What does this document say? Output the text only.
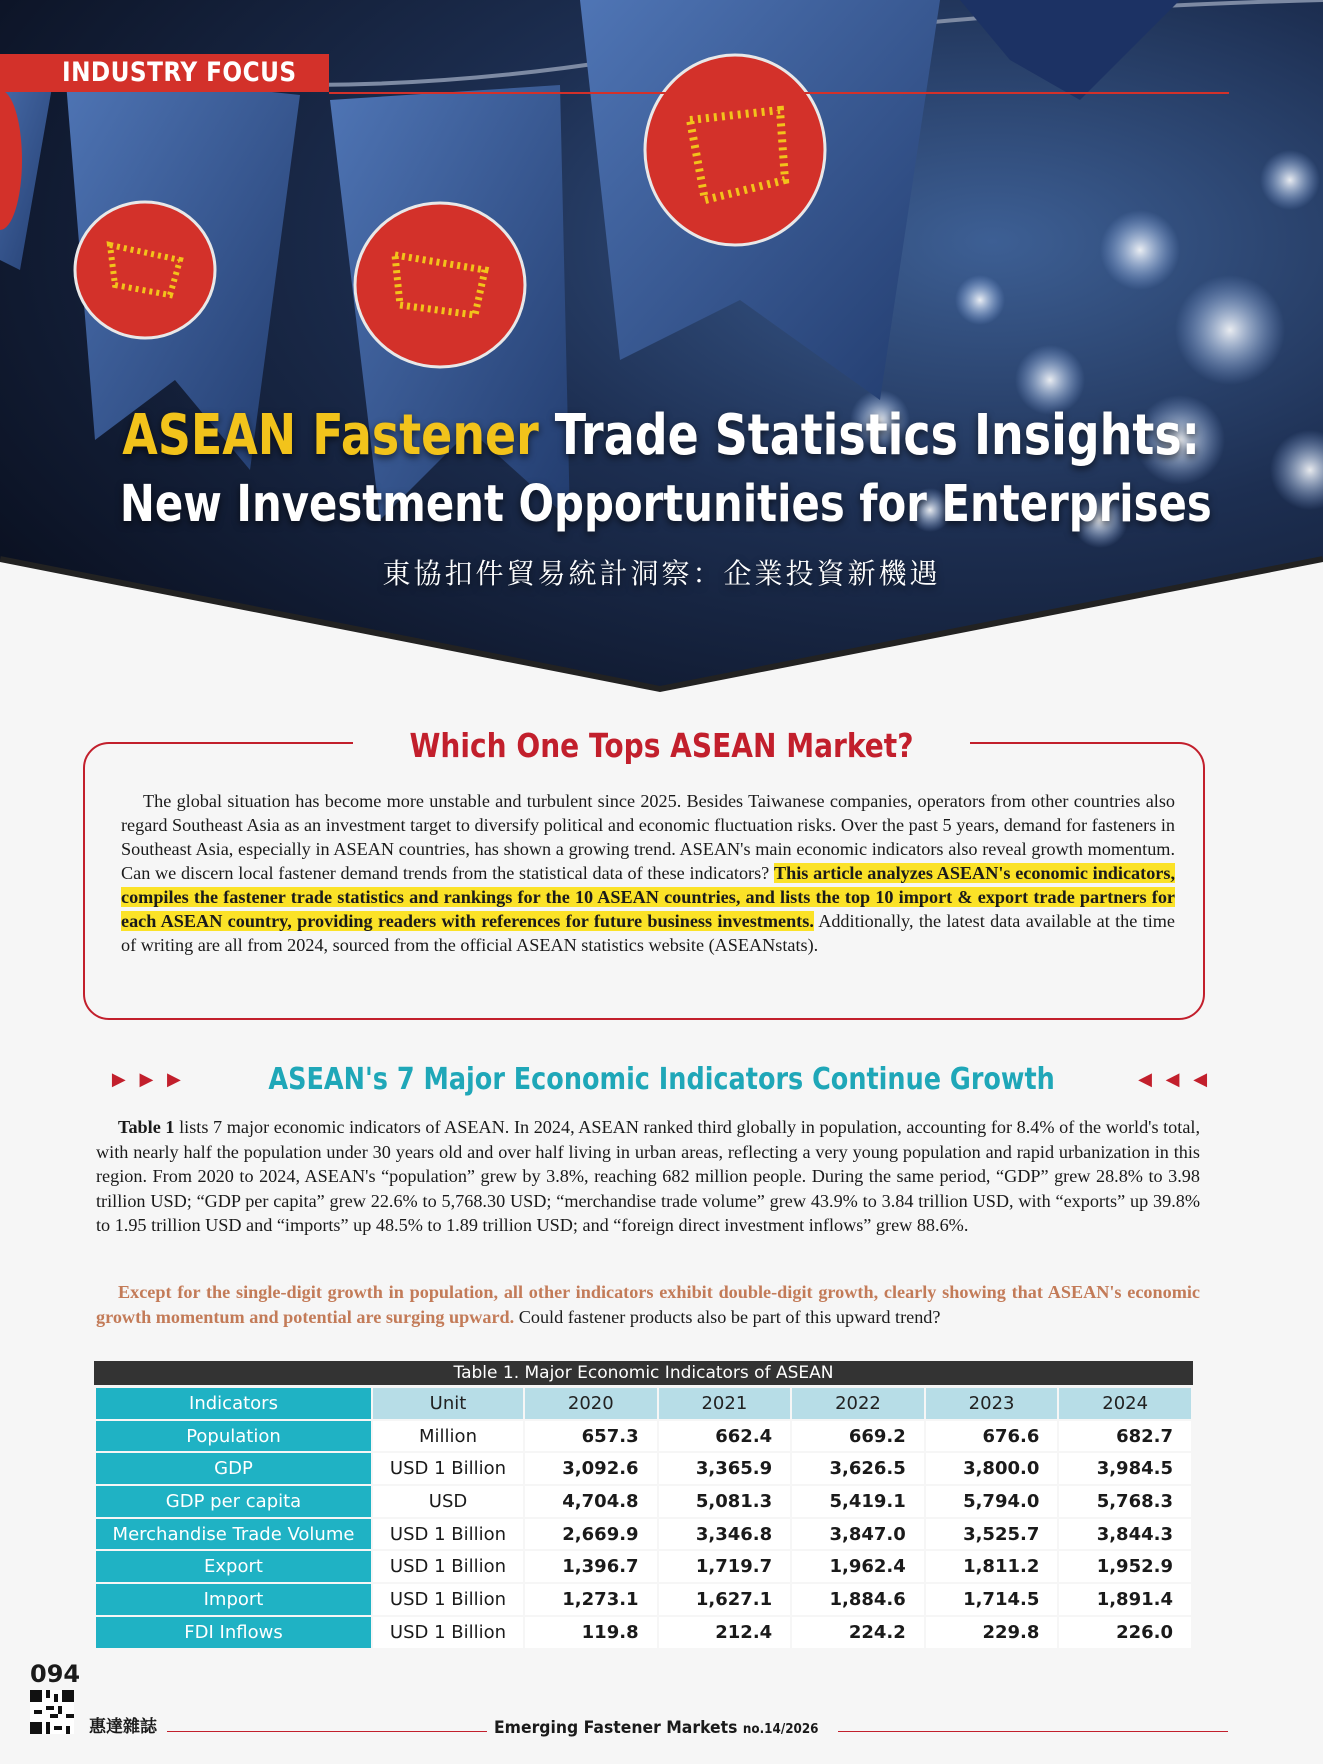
INDUSTRY FOCUS
ASEAN Fastener Trade Statistics Insights:
New Investment Opportunities for Enterprises
東協扣件貿易統計洞察：企業投資新機遇
Which One Tops ASEAN Market?

The global situation has become more unstable and turbulent since 2025. Besides Taiwanese companies, operators from other countries also regard Southeast Asia as an investment target to diversify political and economic fluctuation risks. Over the past 5 years, demand for fasteners in Southeast Asia, especially in ASEAN countries, has shown a growing trend. ASEAN's main economic indicators also reveal growth momentum. Can we discern local fastener demand trends from the statistical data of these indicators? This article analyzes ASEAN's economic indicators, compiles the fastener trade statistics and rankings for the 10 ASEAN countries, and lists the top 10 import & export trade partners for each ASEAN country, providing readers with references for future business investments. Additionally, the latest data available at the time of writing are all from 2024, sourced from the official ASEAN statistics website (ASEANstats).

▶ ▶ ▶	ASEAN's 7 Major Economic Indicators Continue Growth	◀ ◀ ◀

Table 1 lists 7 major economic indicators of ASEAN. In 2024, ASEAN ranked third globally in population, accounting for 8.4% of the world's total, with nearly half the population under 30 years old and over half living in urban areas, reflecting a very young population and rapid urbanization in this region. From 2020 to 2024, ASEAN's “population” grew by 3.8%, reaching 682 million people. During the same period, “GDP” grew 28.8% to 3.98 trillion USD; “GDP per capita” grew 22.6% to 5,768.30 USD; “merchandise trade volume” grew 43.9% to 3.84 trillion USD, with “exports” up 39.8% to 1.95 trillion USD and “imports” up 48.5% to 1.89 trillion USD; and “foreign direct investment inflows” grew 88.6%.

Except for the single-digit growth in population, all other indicators exhibit double-digit growth, clearly showing that ASEAN's economic growth momentum and potential are surging upward. Could fastener products also be part of this upward trend?

Table 1. Major Economic Indicators of ASEAN
Indicators	Unit	2020	2021	2022	2023	2024
Population	Million	657.3	662.4	669.2	676.6	682.7
GDP	USD 1 Billion	3,092.6	3,365.9	3,626.5	3,800.0	3,984.5
GDP per capita	USD	4,704.8	5,081.3	5,419.1	5,794.0	5,768.3
Merchandise Trade Volume	USD 1 Billion	2,669.9	3,346.8	3,847.0	3,525.7	3,844.3
Export	USD 1 Billion	1,396.7	1,719.7	1,962.4	1,811.2	1,952.9
Import	USD 1 Billion	1,273.1	1,627.1	1,884.6	1,714.5	1,891.4
FDI Inflows	USD 1 Billion	119.8	212.4	224.2	229.8	226.0
094
惠達雜誌	Emerging Fastener Markets no.14/2026
